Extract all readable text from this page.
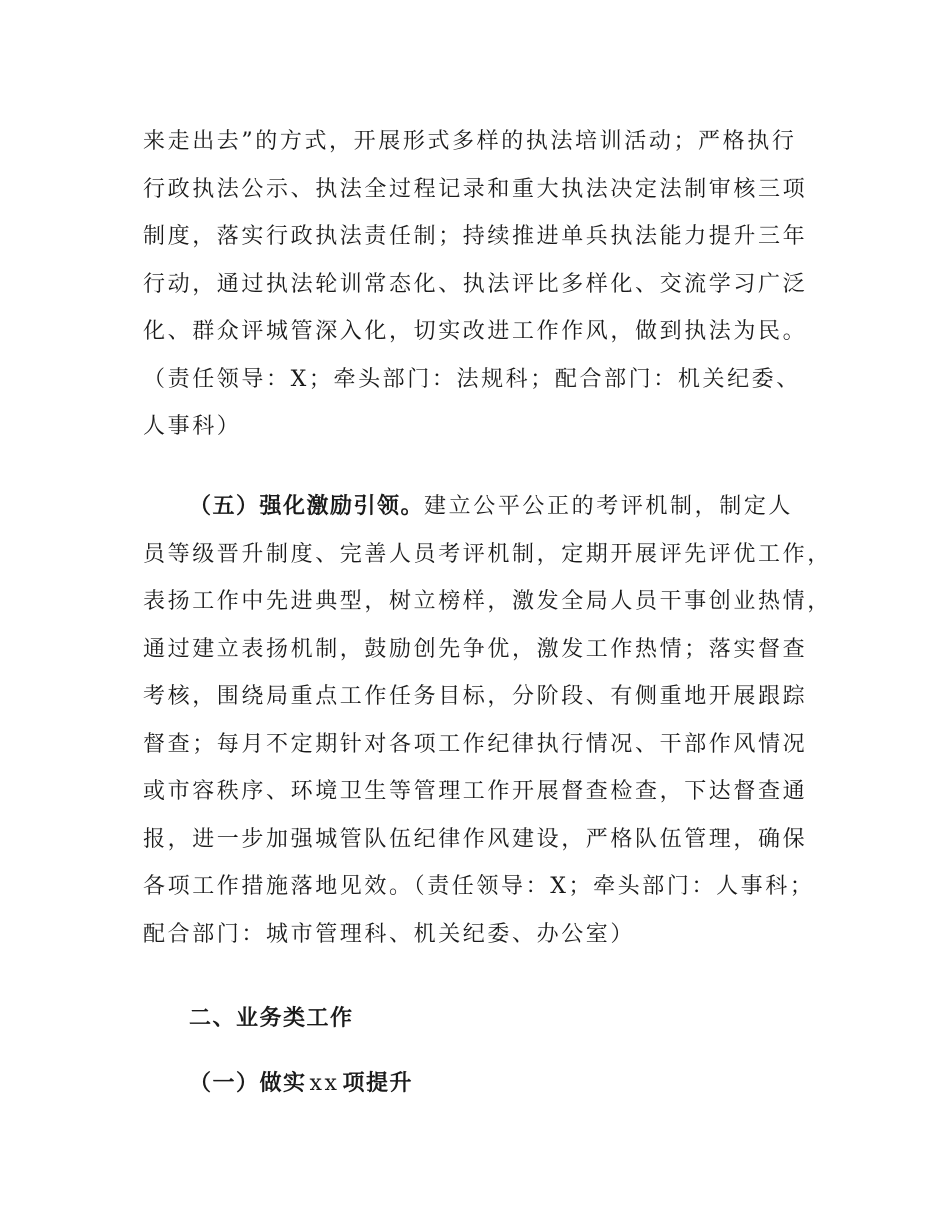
来走出去”的方式，开展形式多样的执法培训活动；严格执行
行政执法公示、执法全过程记录和重大执法决定法制审核三项
制度，落实行政执法责任制；持续推进单兵执法能力提升三年
行动，通过执法轮训常态化、执法评比多样化、交流学习广泛
化、群众评城管深入化，切实改进工作作风，做到执法为民。
（责任领导：X；牵头部门：法规科；配合部门：机关纪委、
人事科）
（五）强化激励引领。建立公平公正的考评机制，制定人
员等级晋升制度、完善人员考评机制，定期开展评先评优工作，
表扬工作中先进典型，树立榜样，激发全局人员干事创业热情，
通过建立表扬机制，鼓励创先争优，激发工作热情；落实督查
考核，围绕局重点工作任务目标，分阶段、有侧重地开展跟踪
督查；每月不定期针对各项工作纪律执行情况、干部作风情况
或市容秩序、环境卫生等管理工作开展督查检查，下达督查通
报，进一步加强城管队伍纪律作风建设，严格队伍管理，确保
各项工作措施落地见效。（责任领导：X；牵头部门：人事科；
配合部门：城市管理科、机关纪委、办公室）
二、业务类工作
（一）做实 xx 项提升
